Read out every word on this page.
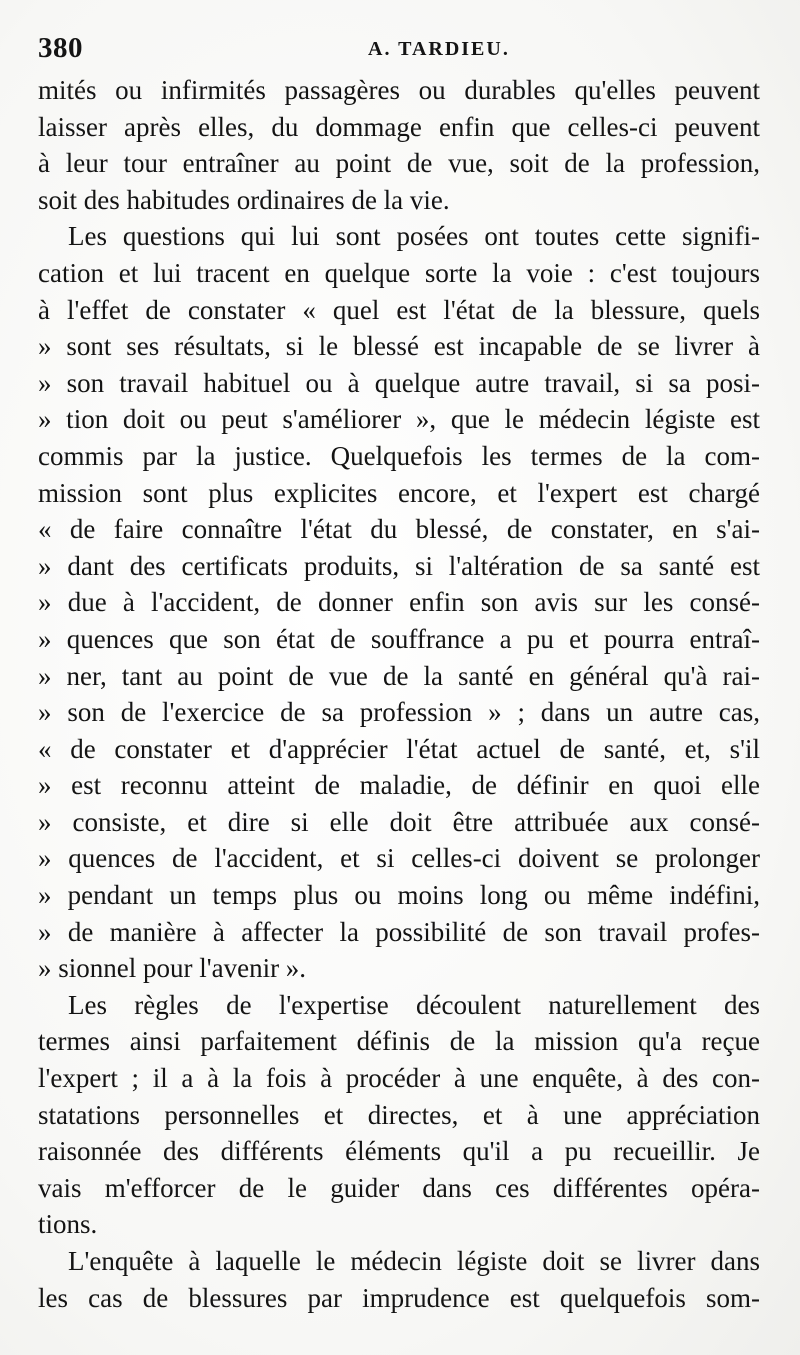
380	A. TARDIEU.
mités ou infirmités passagères ou durables qu'elles peuvent
laisser après elles, du dommage enfin que celles-ci peuvent
à leur tour entraîner au point de vue, soit de la profession,
soit des habitudes ordinaires de la vie.
Les questions qui lui sont posées ont toutes cette signifi-
cation et lui tracent en quelque sorte la voie : c'est toujours
à l'effet de constater « quel est l'état de la blessure, quels
» sont ses résultats, si le blessé est incapable de se livrer à
» son travail habituel ou à quelque autre travail, si sa posi-
» tion doit ou peut s'améliorer », que le médecin légiste est
commis par la justice. Quelquefois les termes de la com-
mission sont plus explicites encore, et l'expert est chargé
« de faire connaître l'état du blessé, de constater, en s'ai-
» dant des certificats produits, si l'altération de sa santé est
» due à l'accident, de donner enfin son avis sur les consé-
» quences que son état de souffrance a pu et pourra entraî-
» ner, tant au point de vue de la santé en général qu'à rai-
» son de l'exercice de sa profession » ; dans un autre cas,
« de constater et d'apprécier l'état actuel de santé, et, s'il
» est reconnu atteint de maladie, de définir en quoi elle
» consiste, et dire si elle doit être attribuée aux consé-
» quences de l'accident, et si celles-ci doivent se prolonger
» pendant un temps plus ou moins long ou même indéfini,
» de manière à affecter la possibilité de son travail profes-
» sionnel pour l'avenir ».
Les règles de l'expertise découlent naturellement des
termes ainsi parfaitement définis de la mission qu'a reçue
l'expert ; il a à la fois à procéder à une enquête, à des con-
statations personnelles et directes, et à une appréciation
raisonnée des différents éléments qu'il a pu recueillir. Je
vais m'efforcer de le guider dans ces différentes opéra-
tions.
L'enquête à laquelle le médecin légiste doit se livrer dans
les cas de blessures par imprudence est quelquefois som-
